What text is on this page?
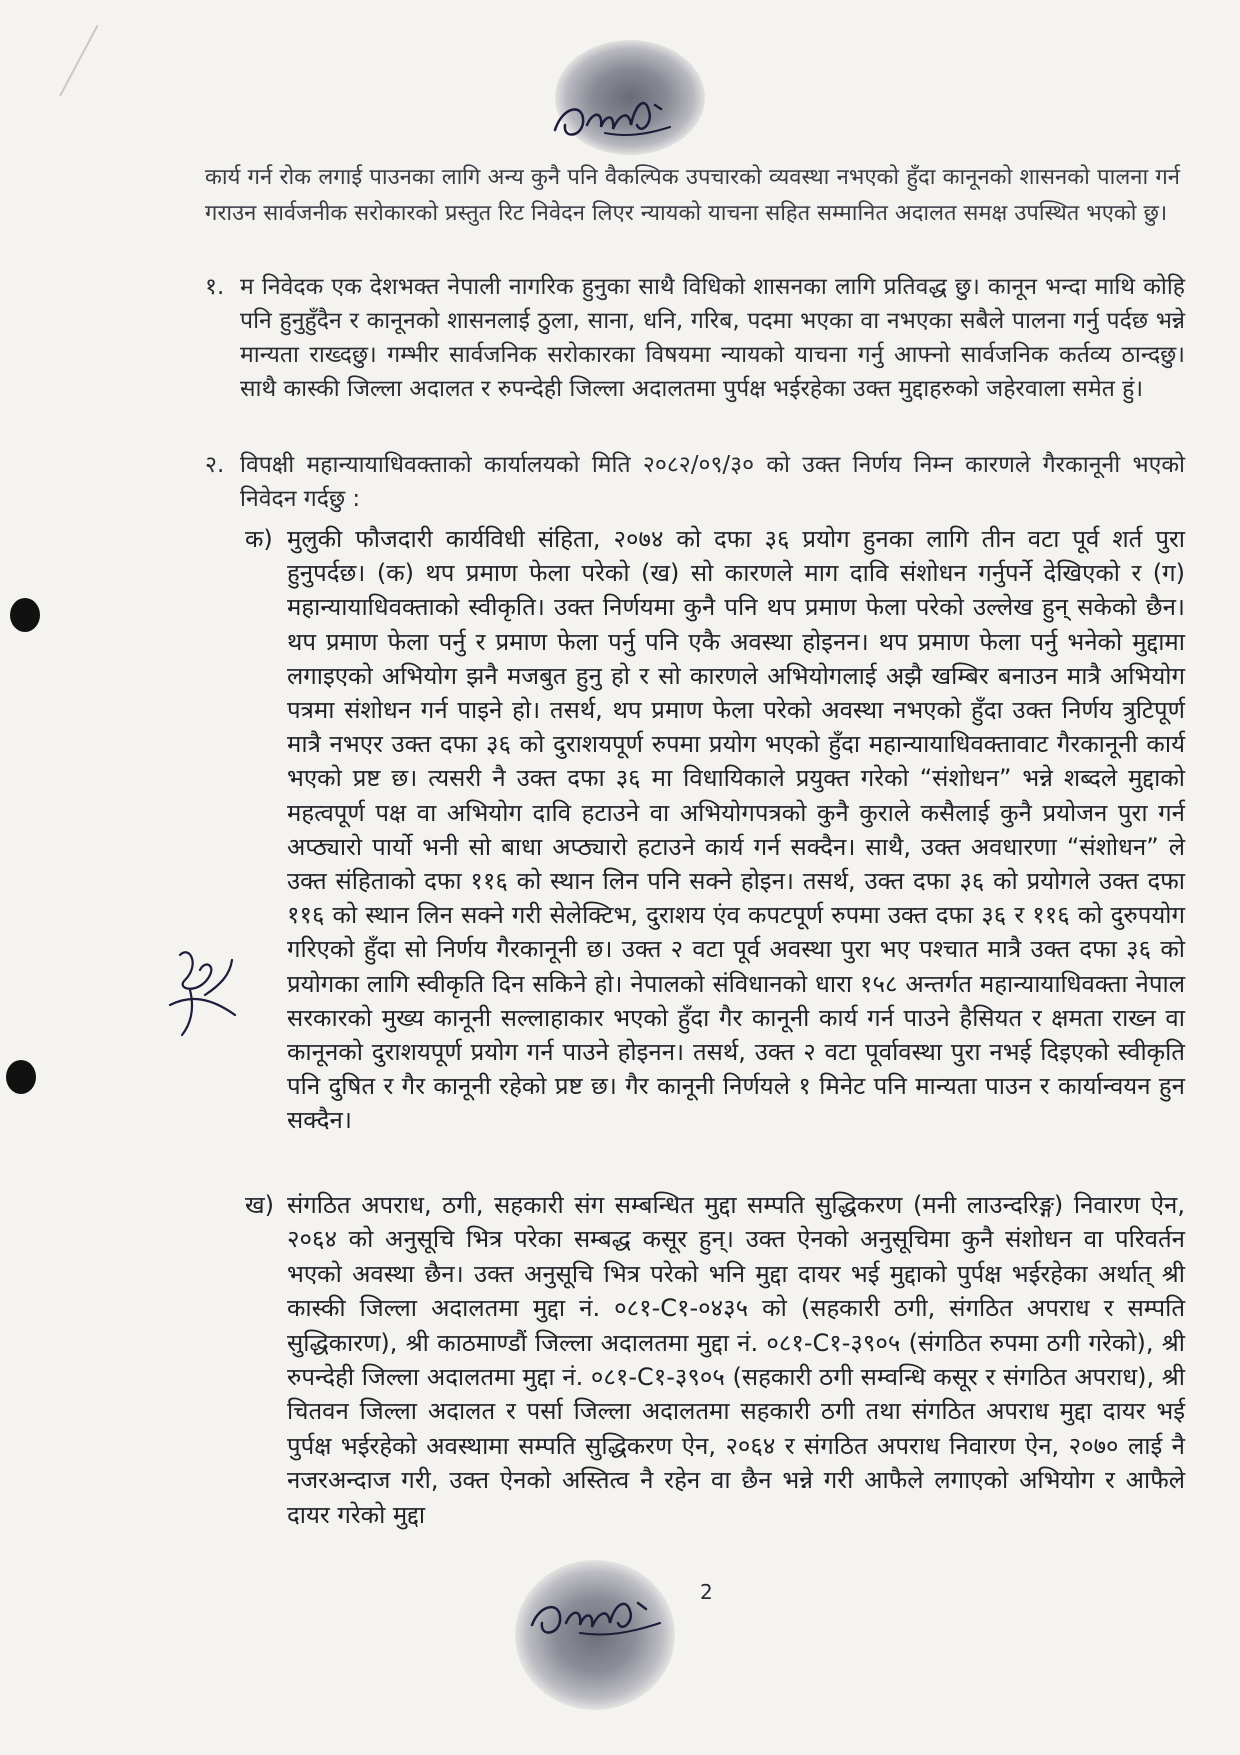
कार्य गर्न रोक लगाई पाउनका लागि अन्य कुनै पनि वैकल्पिक उपचारको व्यवस्था नभएको हुँदा कानूनको शासनको पालना गर्न गराउन सार्वजनीक सरोकारको प्रस्तुत रिट निवेदन लिएर न्यायको याचना सहित सम्मानित अदालत समक्ष उपस्थित भएको छु।

१. म निवेदक एक देशभक्त नेपाली नागरिक हुनुका साथै विधिको शासनका लागि प्रतिवद्ध छु। कानून भन्दा माथि कोहि पनि हुनुहुँदैन र कानूनको शासनलाई ठुला, साना, धनि, गरिब, पदमा भएका वा नभएका सबैले पालना गर्नु पर्दछ भन्ने मान्यता राख्दछु। गम्भीर सार्वजनिक सरोकारका विषयमा न्यायको याचना गर्नु आफ्नो सार्वजनिक कर्तव्य ठान्दछु। साथै कास्की जिल्ला अदालत र रुपन्देही जिल्ला अदालतमा पुर्पक्ष भईरहेका उक्त मुद्दाहरुको जहेरवाला समेत हुं।

२. विपक्षी महान्यायाधिवक्ताको कार्यालयको मिति २०८२/०९/३० को उक्त निर्णय निम्न कारणले गैरकानूनी भएको निवेदन गर्दछु :

क) मुलुकी फौजदारी कार्यविधी संहिता, २०७४ को दफा ३६ प्रयोग हुनका लागि तीन वटा पूर्व शर्त पुरा हुनुपर्दछ। (क) थप प्रमाण फेला परेको (ख) सो कारणले माग दावि संशोधन गर्नुपर्ने देखिएको र (ग) महान्यायाधिवक्ताको स्वीकृति। उक्त निर्णयमा कुनै पनि थप प्रमाण फेला परेको उल्लेख हुन् सकेको छैन। थप प्रमाण फेला पर्नु र प्रमाण फेला पर्नु पनि एकै अवस्था होइनन। थप प्रमाण फेला पर्नु भनेको मुद्दामा लगाइएको अभियोग झनै मजबुत हुनु हो र सो कारणले अभियोगलाई अझै खम्बिर बनाउन मात्रै अभियोग पत्रमा संशोधन गर्न पाइने हो। तसर्थ, थप प्रमाण फेला परेको अवस्था नभएको हुँदा उक्त निर्णय त्रुटिपूर्ण मात्रै नभएर उक्त दफा ३६ को दुराशयपूर्ण रुपमा प्रयोग भएको हुँदा महान्यायाधिवक्तावाट गैरकानूनी कार्य भएको प्रष्ट छ। त्यसरी नै उक्त दफा ३६ मा विधायिकाले प्रयुक्त गरेको “संशोधन” भन्ने शब्दले मुद्दाको महत्वपूर्ण पक्ष वा अभियोग दावि हटाउने वा अभियोगपत्रको कुनै कुराले कसैलाई कुनै प्रयोजन पुरा गर्न अप्ठ्यारो पार्यो भनी सो बाधा अप्ठ्यारो हटाउने कार्य गर्न सक्दैन। साथै, उक्त अवधारणा “संशोधन” ले उक्त संहिताको दफा ११६ को स्थान लिन पनि सक्ने होइन। तसर्थ, उक्त दफा ३६ को प्रयोगले उक्त दफा ११६ को स्थान लिन सक्ने गरी सेलेक्टिभ, दुराशय एंव कपटपूर्ण रुपमा उक्त दफा ३६ र ११६ को दुरुपयोग गरिएको हुँदा सो निर्णय गैरकानूनी छ। उक्त २ वटा पूर्व अवस्था पुरा भए पश्चात मात्रै उक्त दफा ३६ को प्रयोगका लागि स्वीकृति दिन सकिने हो। नेपालको संविधानको धारा १५८ अन्तर्गत महान्यायाधिवक्ता नेपाल सरकारको मुख्य कानूनी सल्लाहाकार भएको हुँदा गैर कानूनी कार्य गर्न पाउने हैसियत र क्षमता राख्न वा कानूनको दुराशयपूर्ण प्रयोग गर्न पाउने होइनन। तसर्थ, उक्त २ वटा पूर्वावस्था पुरा नभई दिइएको स्वीकृति पनि दुषित र गैर कानूनी रहेको प्रष्ट छ। गैर कानूनी निर्णयले १ मिनेट पनि मान्यता पाउन र कार्यान्वयन हुन सक्दैन।

ख) संगठित अपराध, ठगी, सहकारी संग सम्बन्धित मुद्दा सम्पति सुद्धिकरण (मनी लाउन्दरिङ्ग) निवारण ऐन, २०६४ को अनुसूचि भित्र परेका सम्बद्ध कसूर हुन्। उक्त ऐनको अनुसूचिमा कुनै संशोधन वा परिवर्तन भएको अवस्था छैन। उक्त अनुसूचि भित्र परेको भनि मुद्दा दायर भई मुद्दाको पुर्पक्ष भईरहेका अर्थात् श्री कास्की जिल्ला अदालतमा मुद्दा नं. ०८१-C१-०४३५ को (सहकारी ठगी, संगठित अपराध र सम्पति सुद्धिकारण), श्री काठमाण्डौं जिल्ला अदालतमा मुद्दा नं. ०८१-C१-३९०५ (संगठित रुपमा ठगी गरेको), श्री रुपन्देही जिल्ला अदालतमा मुद्दा नं. ०८१-C१-३९०५ (सहकारी ठगी सम्वन्धि कसूर र संगठित अपराध), श्री चितवन जिल्ला अदालत र पर्सा जिल्ला अदालतमा सहकारी ठगी तथा संगठित अपराध मुद्दा दायर भई पुर्पक्ष भईरहेको अवस्थामा सम्पति सुद्धिकरण ऐन, २०६४ र संगठित अपराध निवारण ऐन, २०७० लाई नै नजरअन्दाज गरी, उक्त ऐनको अस्तित्व नै रहेन वा छैन भन्ने गरी आफैले लगाएको अभियोग र आफैले दायर गरेको मुद्दा

2
